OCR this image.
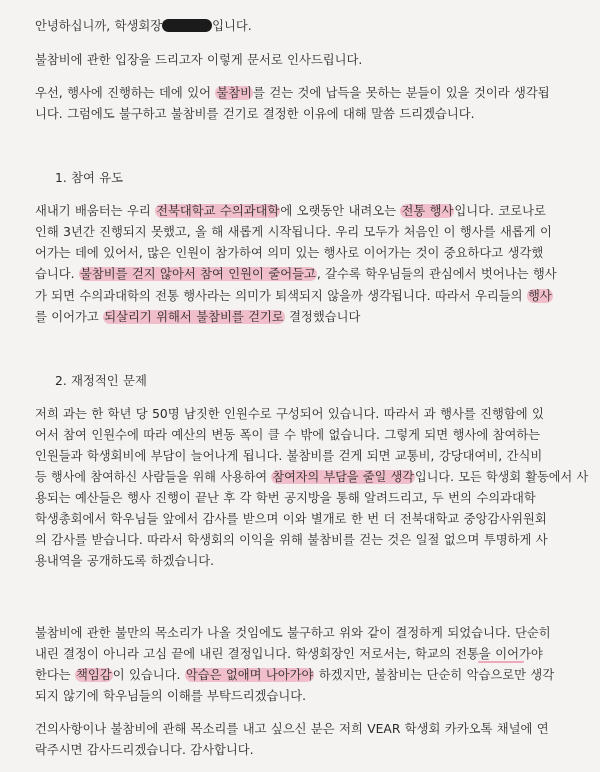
안녕하십니까, 학생회장	입니다.

불참비에 관한 입장을 드리고자 이렇게 문서로 인사드립니다.

우선, 행사에 진행하는 데에 있어 불참비를 걷는 것에 납득을 못하는 분들이 있을 것이라 생각됩

니다. 그럼에도 불구하고 불참비를 걷기로 결정한 이유에 대해 말씀 드리겠습니다.

1. 참여 유도

새내기 배움터는 우리 전북대학교 수의과대학에 오랫동안 내려오는 전통 행사입니다. 코로나로

인해 3년간 진행되지 못했고, 올 해 새롭게 시작됩니다. 우리 모두가 처음인 이 행사를 새롭게 이

어가는 데에 있어서, 많은 인원이 참가하여 의미 있는 행사로 이어가는 것이 중요하다고 생각했

습니다. 불참비를 걷지 않아서 참여 인원이 줄어들고, 갈수록 학우님들의 관심에서 벗어나는 행사

가 되면 수의과대학의 전통 행사라는 의미가 퇴색되지 않을까 생각됩니다. 따라서 우리들의 행사

를 이어가고 되살리기 위해서 불참비를 걷기로 결정했습니다

2. 재정적인 문제

저희 과는 한 학년 당 50명 남짓한 인원수로 구성되어 있습니다. 따라서 과 행사를 진행함에 있

어서 참여 인원수에 따라 예산의 변동 폭이 클 수 밖에 없습니다. 그렇게 되면 행사에 참여하는

인원들과 학생회비에 부담이 늘어나게 됩니다. 불참비를 걷게 되면 교통비, 강당대여비, 간식비

등 행사에 참여하신 사람들을 위해 사용하여 참여자의 부담을 줄일 생각입니다. 모든 학생회 활동에서 사

용되는 예산들은 행사 진행이 끝난 후 각 학번 공지방을 통해 알려드리고, 두 번의 수의과대학

학생총회에서 학우님들 앞에서 감사를 받으며 이와 별개로 한 번 더 전북대학교 중앙감사위원회

의 감사를 받습니다. 따라서 학생회의 이익을 위해 불참비를 걷는 것은 일절 없으며 투명하게 사

용내역을 공개하도록 하겠습니다.

불참비에 관한 불만의 목소리가 나올 것임에도 불구하고 위와 같이 결정하게 되었습니다. 단순히

내린 결정이 아니라 고심 끝에 내린 결정입니다. 학생회장인 저로서는, 학교의 전통을 이어가야

한다는 책임감이 있습니다. 악습은 없애며 나아가야 하겠지만, 불참비는 단순히 악습으로만 생각

되지 않기에 학우님들의 이해를 부탁드리겠습니다.

건의사항이나 불참비에 관해 목소리를 내고 싶으신 분은 저희 VEAR 학생회 카카오톡 채널에 연

락주시면 감사드리겠습니다. 감사합니다.
